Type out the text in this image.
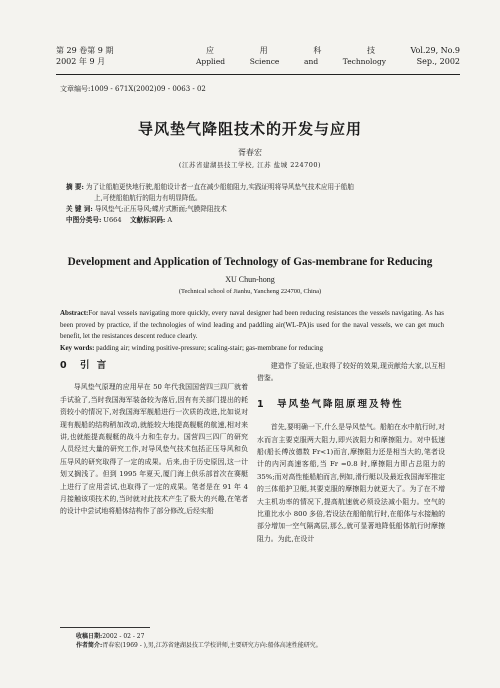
第 29 卷第 9 期
2002 年 9 月
应	用	科	技
Applied	Science	and	Technology
Vol.29, No.9
Sep., 2002
文章编号:1009 - 671X(2002)09 - 0063 - 02
导风垫气降阻技术的开发与应用
胥春宏
(江苏省建湖县技工学校, 江苏 盐城 224700)
摘 要: 为了让船舶更快地行驶,船舶设计者一直在减少船舶阻力,实践证明将导风垫气技术应用于船舶
上,可使船舶航行的阻力有明显降低。
关 键 词: 导风垫气;正压导风;蝶片式断面;气膜降阻技术
中图分类号: U664 文献标识码: A
Development and Application of Technology of Gas-membrane for Reducing
XU Chun-hong
(Technical school of Jianhu, Yancheng 224700, China)
Abstract:For naval vessels navigating more quickly, every naval designer had been reducing resistances the vessels navigating. As has been proved by practice, if the technologies of wind leading and paddling air(WL-PA)is used for the naval vessels, we can get much benefit, let the resistances descent reduce clearly.
Key words: padding air; winding positive-pressure; scaling-stair; gas-membrane for reducing
0 引 言

导风垫气原理的应用早在 50 年代我国国营四三四厂就着手试验了,当时我国海军装备较为落后,因有有关部门提出的耗资较小的情况下,对我国海军舰船进行一次质的改进,比如说对现有舰船的结构稍加改动,就能较大地提高舰艇的航速,相对来讲,也就能提高舰艇的战斗力和生存力。国营四三四厂的研究人员经过大量的研究工作,对导风垫气技术包括正压导风和负压导风的研究取得了一定的成果。后来,由于历史原因,这一计划又搁浅了。但到 1995 年夏天,厦门海上供乐部首次在赛艇上进行了应用尝试,也取得了一定的成果。笔者是在 91 年 4 月接触该项技术的,当时就对此技术产生了极大的兴趣,在笔者的设计中尝试地将船体结构作了部分修改,后经实船

建造作了验证,也取得了较好的效果,现贡献给大家,以互相借鉴。

1 导风垫气降阻原理及特性

首先,要明确一下,什么是导风垫气。船舶在水中航行时,对水而言主要克服两大阻力,即兴波阻力和摩擦阻力。对中低速船(船长傅汝德数 Fr<1)而言,摩擦阻力还是相当大的,笔者设计的内河高速客船,当 Fr =0.8 时,摩擦阻力即占总阻力的 35%;而对高性能船舶而言,例如,滑行艇以及最近我国海军推定的三体船护卫艇,其要克服的摩擦阻力就更大了。为了在不增大主机功率的情况下,提高航速就必须设法减小阻力。空气的比重比水小 800 多倍,若设法在船舶航行时,在船体与水接触的部分增加一空气隔离层,那么,就可显著地降低船体航行时摩擦阻力。为此,在设计

收稿日期:2002 - 02 - 27
作者简介:胥春宏(1969 - ),男,江苏省建湖县技工学校讲师,主要研究方向:船体高速性能研究。
